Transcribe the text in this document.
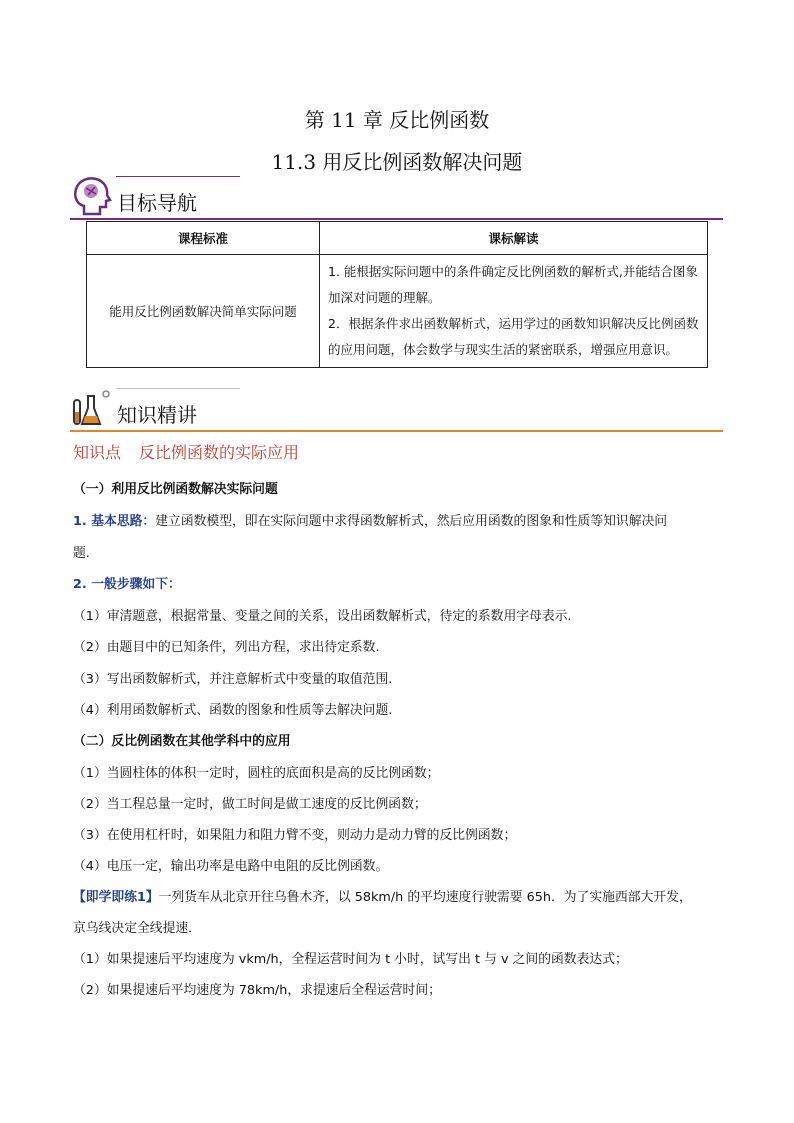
第 11 章 反比例函数
11.3 用反比例函数解决问题
目标导航
课程标准	课标解读
能用反比例函数解决简单实际问题	1. 能根据实际问题中的条件确定反比例函数的解析式,并能结合图象加深对问题的理解。
2．根据条件求出函数解析式，运用学过的函数知识解决反比例函数的应用问题，体会数学与现实生活的紧密联系，增强应用意识。
知识精讲
知识点 反比例函数的实际应用
（一）利用反比例函数解决实际问题
1. 基本思路：建立函数模型，即在实际问题中求得函数解析式，然后应用函数的图象和性质等知识解决问
题.
2. 一般步骤如下：
（1）审清题意，根据常量、变量之间的关系，设出函数解析式，待定的系数用字母表示.
（2）由题目中的已知条件，列出方程，求出待定系数.
（3）写出函数解析式，并注意解析式中变量的取值范围.
（4）利用函数解析式、函数的图象和性质等去解决问题.
（二）反比例函数在其他学科中的应用
（1）当圆柱体的体积一定时，圆柱的底面积是高的反比例函数；
（2）当工程总量一定时，做工时间是做工速度的反比例函数；
（3）在使用杠杆时，如果阻力和阻力臂不变，则动力是动力臂的反比例函数；
（4）电压一定，输出功率是电路中电阻的反比例函数。
【即学即练1】一列货车从北京开往乌鲁木齐，以 58km/h 的平均速度行驶需要 65h．为了实施西部大开发，
京乌线决定全线提速．
（1）如果提速后平均速度为 vkm/h，全程运营时间为 t 小时，试写出 t 与 v 之间的函数表达式；
（2）如果提速后平均速度为 78km/h，求提速后全程运营时间；
